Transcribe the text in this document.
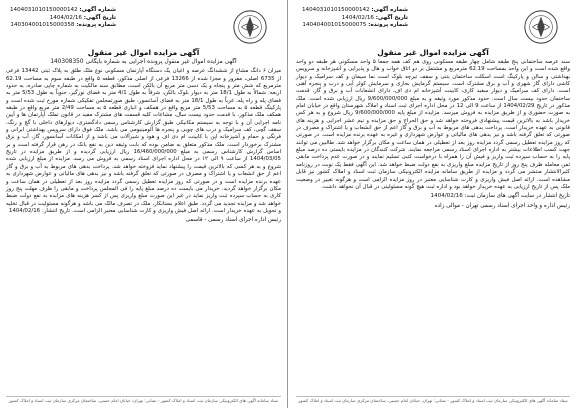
شماره آگهی: 1404031010150000142
تاریخ آگهی: 1404/02/16
شماره پرونده: 140404001015000075
آگهی مزایده اموال غیر منقول
سند عرصه ساختمانی پنج طبقه شامل چهار طبقه مسکونی روی هم کف همه جمعا ۵ واحد مسکونی هر طبقه دو واحد واقع شده است و این واحد بمساحت 62.19 مترمربع و مشتمل بر دو اتاق خواب و هال و پذیرایی و آشپزخانه و سرویس بهداشتی و سالن و پارکینگ است اسکلت ساختمان بتنی و سقف تیرچه بلوک است نما سیمان و کف سرامیک و دیوار کاشی دارای گاز شهری و آب و برق مشترک است. سیستم گرمایش بخاری و سرمایش کولر آبی و درب و پنجره آهنی است. دارای کف سرامیک و دیوار سفید کاری، کابینت آشپزخانه ام دی اف، دارای انشعابات آب و برق و گاز، قدمت ساختمان حدود بیست سال است. حدود مذکور مورد وثیقه و به مبلغ 9/600/000/000 ریال ارزیابی شده است. ملک مذکور در تاریخ 1404/02/29 از ساعت 9 الی 12 در محل اداره اجرای ثبت اسناد و املاک شهرستان واقع در خیابان امام به صورت حضوری و از طریق مزایده به فروش میرسد. مزایده از مبلغ پایه 9/600/000/000 ریال شروع و به هر کس خریدار باشد به بالاترین قیمت پیشنهادی فروخته خواهد شد و حق الحراج و حق مزایده و نیم عشر اجرایی و هزینه های قانونی به عهده خریدار است. پرداخت بدهی های مربوط به آب و برق و گاز اعم از حق انشعاب و یا اشتراک و مصرف در صورتی که تعلق گرفته باشد و نیز بدهی های مالیاتی و عوارض شهرداری و غیره به عهده برنده مزایده است. در صورتی که روز مزایده تعطیل رسمی گردد مزایده روز بعد از تعطیلی در همان ساعت و مکان برگزار خواهد شد. طالبین می توانند جهت کسب اطلاعات بیشتر به اداره اجرای اسناد رسمی مراجعه نمایند. شرکت کنندگان در مزایده بایستی ده درصد مبلغ پایه را به حساب سپرده ثبت واریز و فیش آن را همراه با درخواست کتبی تسلیم نمایند و در صورت عدم پرداخت مابقی ثمن معامله ظرف پنج روز از تاریخ مزایده مبلغ واریزی به نفع دولت ضبط خواهد شد. این آگهی فقط یک نوبت در روزنامه کثیرالانتشار منتشر می گردد و مزایده از طریق سامانه مزایده الکترونیکی سازمان ثبت اسناد و املاک کشور نیز قابل مشاهده است. ارائه اصل فیش واریزی و کارت شناسایی معتبر در روز مزایده الزامی است و هرگونه تغییر در وضعیت ملک پس از تاریخ ارزیابی به عهده خریدار خواهد بود و اداره ثبت هیچ گونه مسئولیتی در قبال آن نخواهد داشت.
تاریخ انتشار در سایت آگهی های سازمان ثبت: 1404/02/16
رئیس اداره و واحد اجرای اسناد رسمی تهران - موالی زاده
ستاد سامانه آگهی های الکترونیکی سازمان ثبت اسناد و املاک کشور - نشانی: تهران، خیابان امام خمینی، ساختمان مرکزی سازمان ثبت اسناد و املاک کشور
شماره آگهی: 1404031010150000142
تاریخ آگهی: 1404/02/16
شماره پرونده: 140304001015000358
آگهی مزایده اموال غیر منقول
آگهی مزایده اموال غیر منقول پرونده اجرایی به شماره بایگانی 140308350
میزان ۶ دانگ مشاع از ششدانگ عرصه و اعیان یک دستگاه آپارتمان مسکونی نوع ملک طلق به پلاک ثبتی 13442 فرعی از 6735 اصلی، مفروز و مجزا شده از 13266 فرعی از اصلی مذکور، قطعه ۵ واقع در طبقه سوم به مساحت 62.19 مترمربع که شش متر و پنجاه و یک دسی متر مربع آن بالکن است، مطابق سند مالکیت به شماره چاپی صادره، به حدود اربعه: شمالاً به طول 18/1 متر به دیوار بلوک بالکن، شرقاً به طول 4/1 متر به فضای نورگیر، جنوباً به طول 5/53 متر به فضای پله و راه پله، غرباً به طول 18/1 متر به فضای آسانسور، طبق صورتمجلس تفکیکی شماره مورخ ثبت شده است و پارکینگ قطعه ۵ به مساحت 5/53 متر مربع واقع در همکف و انباری قطعه ۵ به مساحت 2/49 متر مربع واقع در طبقه همکف ملک مذکور، با قدمت حدود بیست سال، مشاعات کلیه قسمت های مشترک مفید در قانون تملک آپارتمان ها و آیین نامه اجرایی آن و با توجه به سیستم مکانیکی طبق گزارش کارشناس رسمی دادگستری، دیوارهای داخلی با گچ و رنگ، سقف گچی، کف سرامیک و درب های چوبی و پنجره ها آلومینیومی می باشد. ملک فوق دارای سرویس بهداشتی ایرانی و فرنگی و حمام و آشپزخانه اپن با کابینت ام دی اف و هود و شیرآلات می باشد و از امکانات آسانسور، گاز، آب و برق مشترک برخوردار است. ملک مذکور متعلق به ضامن بوده که بابت وثیقه دین به نفع بانک در رهن قرار گرفته است و بر اساس گزارش کارشناس رسمی به مبلغ 16/460/000/000 ریال ارزیابی گردیده و از طریق مزایده در تاریخ 1404/03/05 از ساعت ۹ الی ۱۲ در محل اداره اجرای اسناد رسمی به فروش می رسد. مزایده از مبلغ ارزیابی شده شروع و به هر کسی که بالاترین قیمت را پیشنهاد نماید فروخته خواهد شد. پرداخت بدهی های مربوط به آب و برق و گاز اعم از حق انشعاب و یا اشتراک و مصرف در صورتی که تعلق گرفته باشد و نیز بدهی های مالیاتی و عوارض شهرداری به عهده برنده مزایده است و در صورتی که روز مزایده تعطیل رسمی گردد مزایده روز بعد از تعطیلی در همان ساعت و مکان برگزار خواهد گردید. خریدار می بایست ده درصد مبلغ پایه را فی المجلس پرداخت و مابقی را ظرف مهلت پنج روز کاری به حساب سپرده ثبت واریز نماید در غیر این صورت مبلغ واریزی پس از کسر هزینه های مزایده به نفع دولت ضبط خواهد شد و مزایده تجدید می گردد. طبق اعلام بستانکار، ملک در تصرف مالک می باشد و هرگونه مسئولیت در قبال تخلیه و تحویل به عهده خریدار است. ارائه اصل فیش واریزی و کارت شناسایی معتبر الزامی است. تاریخ انتشار: 1404/02/16
رئیس اداره اجرای اسناد رسمی - قاسمی
ستاد سامانه آگهی های الکترونیکی سازمان ثبت اسناد و املاک کشور - نشانی: تهران، خیابان امام خمینی، ساختمان مرکزی سازمان ثبت اسناد و املاک کشور
